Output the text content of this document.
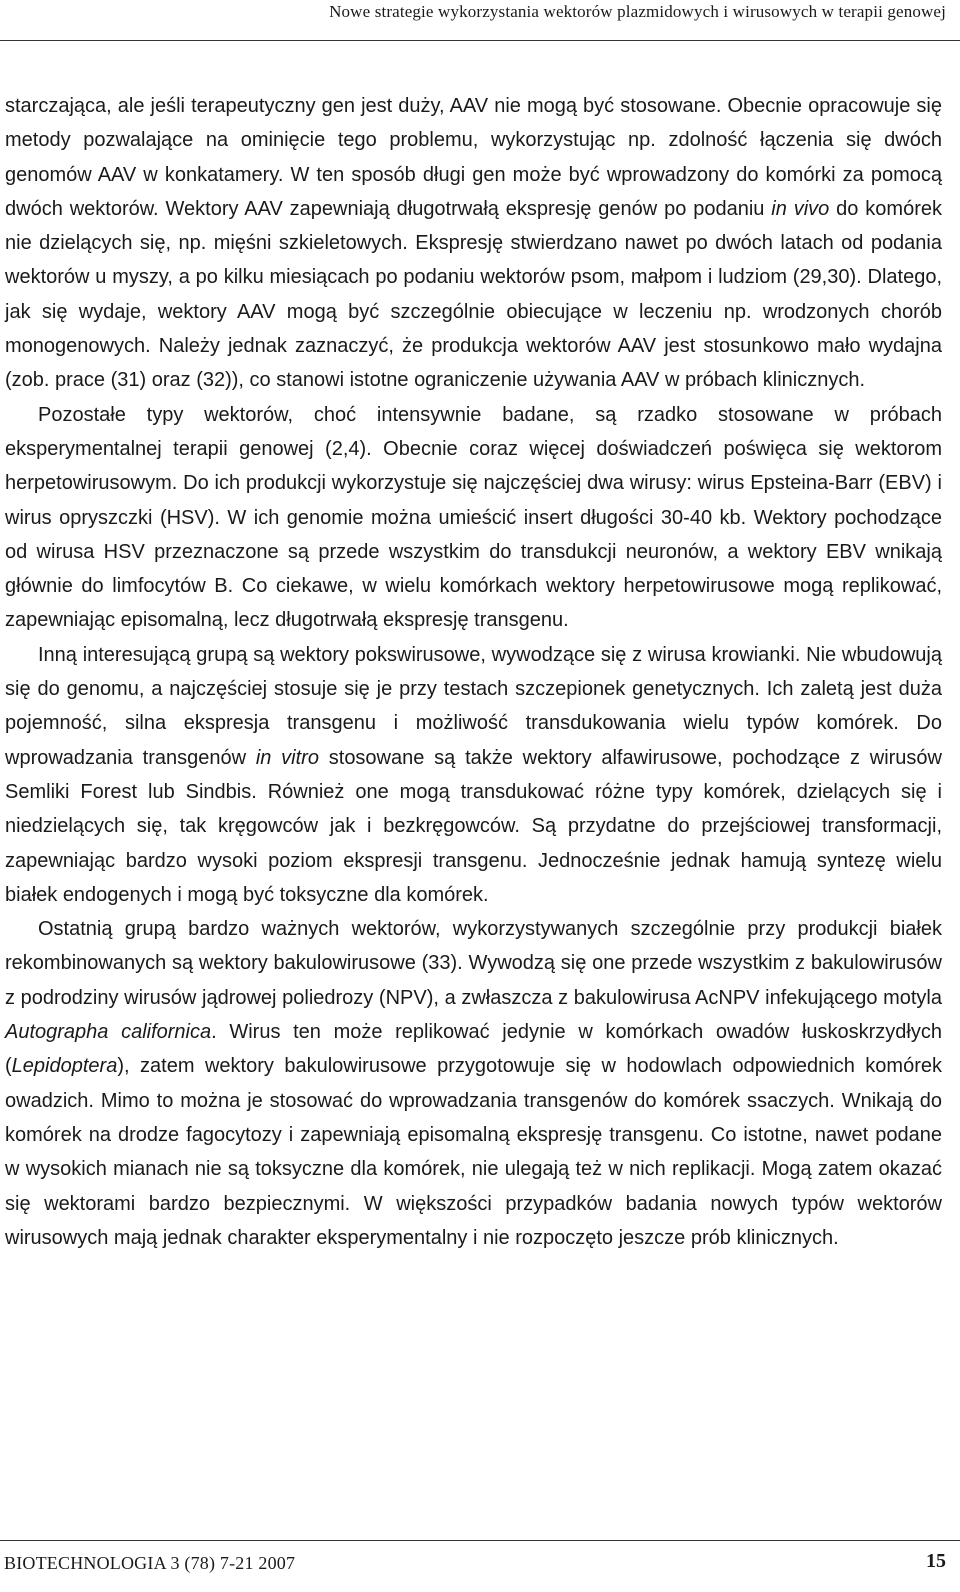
Nowe strategie wykorzystania wektorów plazmidowych i wirusowych w terapii genowej

starczająca, ale jeśli terapeutyczny gen jest duży, AAV nie mogą być stosowane. Obecnie opracowuje się metody pozwalające na ominięcie tego problemu, wykorzystując np. zdolność łączenia się dwóch genomów AAV w konkatamery. W ten sposób długi gen może być wprowadzony do komórki za pomocą dwóch wektorów. Wektory AAV zapewniają długotrwałą ekspresję genów po podaniu in vivo do komórek nie dzielących się, np. mięśni szkieletowych. Ekspresję stwierdzano nawet po dwóch latach od podania wektorów u myszy, a po kilku miesiącach po podaniu wektorów psom, małpom i ludziom (29,30). Dlatego, jak się wydaje, wektory AAV mogą być szczególnie obiecujące w leczeniu np. wrodzonych chorób monogenowych. Należy jednak zaznaczyć, że produkcja wektorów AAV jest stosunkowo mało wydajna (zob. prace (31) oraz (32)), co stanowi istotne ograniczenie używania AAV w próbach klinicznych.

Pozostałe typy wektorów, choć intensywnie badane, są rzadko stosowane w próbach eksperymentalnej terapii genowej (2,4). Obecnie coraz więcej doświadczeń poświęca się wektorom herpetowirusowym. Do ich produkcji wykorzystuje się najczęściej dwa wirusy: wirus Epsteina-Barr (EBV) i wirus opryszczki (HSV). W ich genomie można umieścić insert długości 30-40 kb. Wektory pochodzące od wirusa HSV przeznaczone są przede wszystkim do transdukcji neuronów, a wektory EBV wnikają głównie do limfocytów B. Co ciekawe, w wielu komórkach wektory herpetowirusowe mogą replikować, zapewniając episomalną, lecz długotrwałą ekspresję transgenu.

Inną interesującą grupą są wektory pokswirusowe, wywodzące się z wirusa krowianki. Nie wbudowują się do genomu, a najczęściej stosuje się je przy testach szczepionek genetycznych. Ich zaletą jest duża pojemność, silna ekspresja transgenu i możliwość transdukowania wielu typów komórek. Do wprowadzania transgenów in vitro stosowane są także wektory alfawirusowe, pochodzące z wirusów Semliki Forest lub Sindbis. Również one mogą transdukować różne typy komórek, dzielących się i niedzielących się, tak kręgowców jak i bezkręgowców. Są przydatne do przejściowej transformacji, zapewniając bardzo wysoki poziom ekspresji transgenu. Jednocześnie jednak hamują syntezę wielu białek endogenych i mogą być toksyczne dla komórek.

Ostatnią grupą bardzo ważnych wektorów, wykorzystywanych szczególnie przy produkcji białek rekombinowanych są wektory bakulowirusowe (33). Wywodzą się one przede wszystkim z bakulowirusów z podrodziny wirusów jądrowej poliedrozy (NPV), a zwłaszcza z bakulowirusa AcNPV infekującego motyla Autographa californica. Wirus ten może replikować jedynie w komórkach owadów łuskoskrzydłych (Lepidoptera), zatem wektory bakulowirusowe przygotowuje się w hodowlach odpowiednich komórek owadzich. Mimo to można je stosować do wprowadzania transgenów do komórek ssaczych. Wnikają do komórek na drodze fagocytozy i zapewniają episomalną ekspresję transgenu. Co istotne, nawet podane w wysokich mianach nie są toksyczne dla komórek, nie ulegają też w nich replikacji. Mogą zatem okazać się wektorami bardzo bezpiecznymi. W większości przypadków badania nowych typów wektorów wirusowych mają jednak charakter eksperymentalny i nie rozpoczęto jeszcze prób klinicznych.

BIOTECHNOLOGIA 3 (78) 7-21 2007	15
